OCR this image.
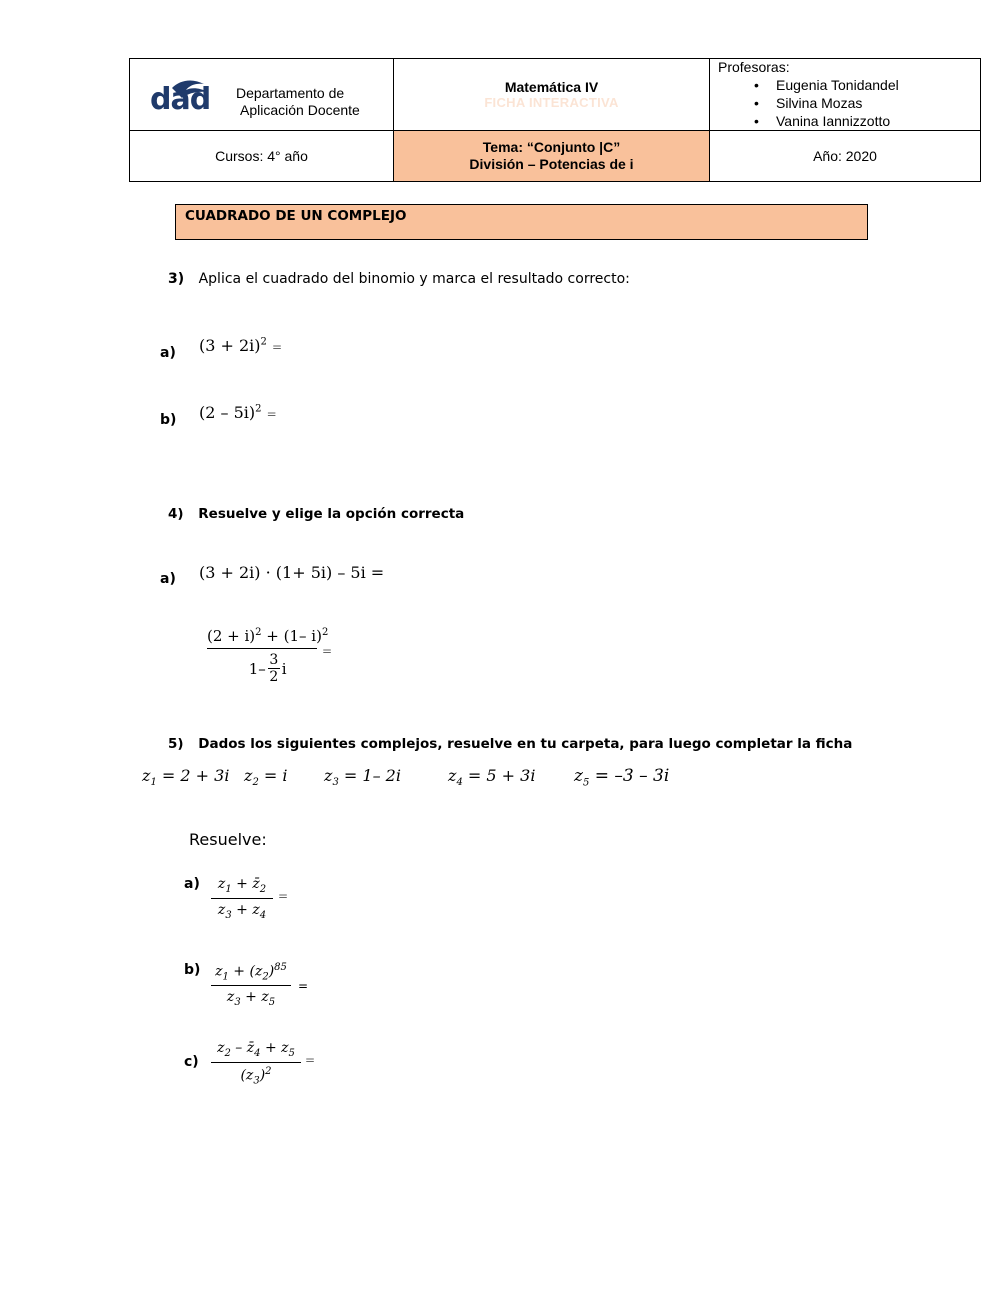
dad Departamento de
Aplicación Docente
Matemática IV
FICHA INTERACTIVA
Profesoras:
• Eugenia Tonidandel
• Silvina Mozas
• Vanina Iannizzotto
Cursos: 4° año
Tema: “Conjunto |C”
División – Potencias de i	Año: 2020
CUADRADO DE UN COMPLEJO
3) Aplica el cuadrado del binomio y marca el resultado correcto:
a) $(3 + 2i)^2$ =
b) (2 – 5i)$^2$ =
4) Resuelve y elige la opción correcta
a) (3 + 2i) · (1+ 5i) – 5i =
$(2 + i)^2 + (1-$ i)$^2$
1– 3
2 i
=
5) Dados los siguientes complejos, resuelve en tu carpeta, para luego completar la ficha
$z_1 = 2 + 3i$ $z_2 = i$ $z_3 = 1-$ 2i	$z_4 = 5 + 3i$ $z_5 = -3 - 3i$
Resuelve:
a) $z_1$ + $z̄_2$
$z_3 + z_4$
=
b) $z_1 + (z_2)^{85}$
$z_3 + z_5$
=
c)
$z_2$ – $z̄_4 + z_5$
$(z_3)^2$
=
